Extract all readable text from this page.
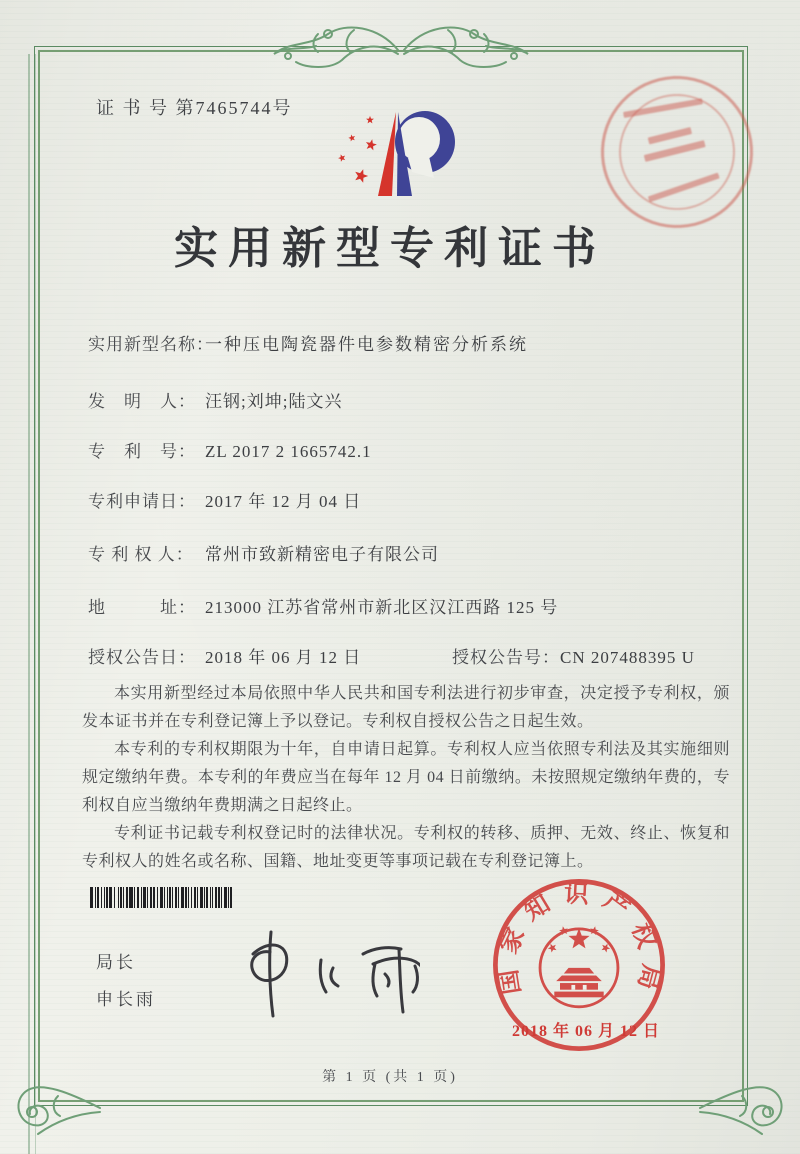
证 书 号 第7465744号
实用新型专利证书
实用新型名称：一种压电陶瓷器件电参数精密分析系统
发　明　人： 汪钢;刘坤;陆文兴
专　利　号： ZL 2017 2 1665742.1
专利申请日： 2017 年 12 月 04 日
专 利 权 人： 常州市致新精密电子有限公司
地　　　址： 213000 江苏省常州市新北区汉江西路 125 号
授权公告日： 2018 年 06 月 12 日	授权公告号：CN 207488395 U

本实用新型经过本局依照中华人民共和国专利法进行初步审查，决定授予专利权，颁发本证书并在专利登记簿上予以登记。专利权自授权公告之日起生效。

本专利的专利权期限为十年，自申请日起算。专利权人应当依照专利法及其实施细则规定缴纳年费。本专利的年费应当在每年 12 月 04 日前缴纳。未按照规定缴纳年费的，专利权自应当缴纳年费期满之日起终止。

专利证书记载专利权登记时的法律状况。专利权的转移、质押、无效、终止、恢复和专利权人的姓名或名称、国籍、地址变更等事项记载在专利登记簿上。

局长
申长雨
国家知识产权局
2018 年 06 月 12 日
第 1 页 (共 1 页)
